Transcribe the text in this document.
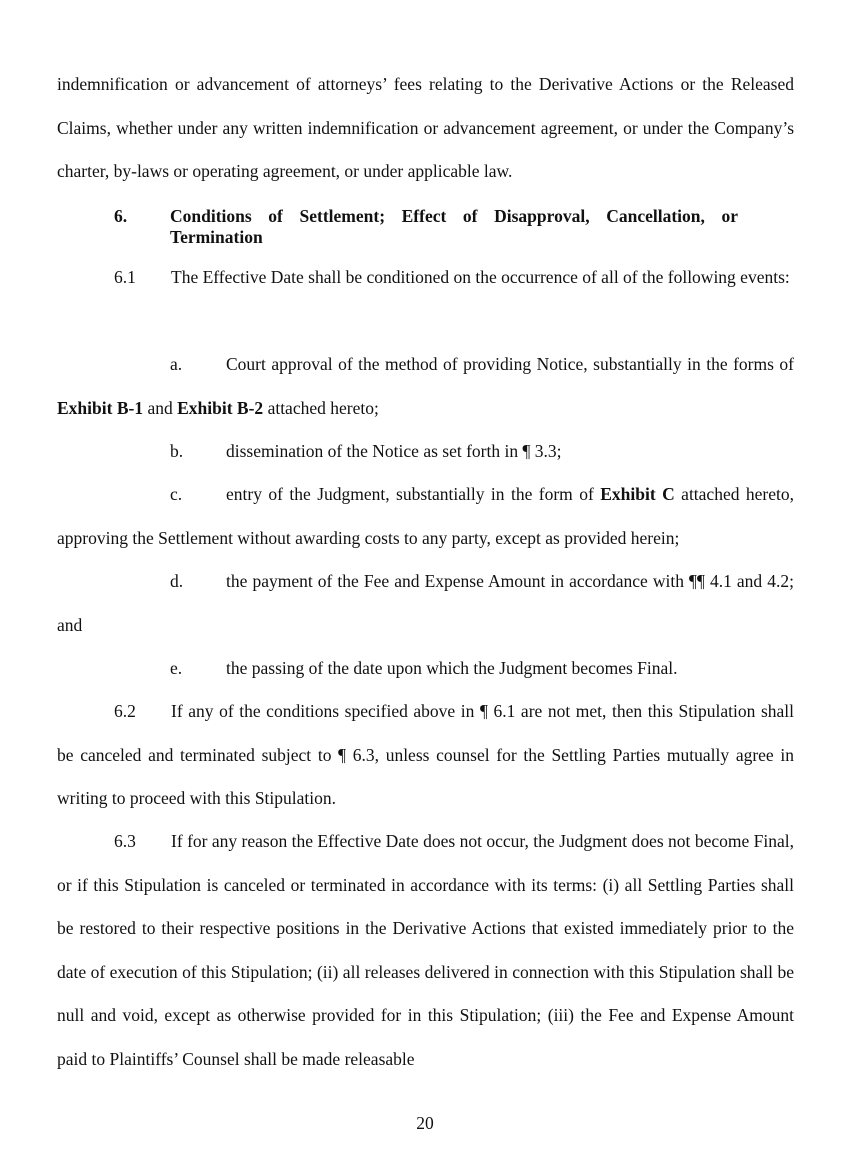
indemnification or advancement of attorneys’ fees relating to the Derivative Actions or the Released Claims, whether under any written indemnification or advancement agreement, or under the Company’s charter, by-laws or operating agreement, or under applicable law.

6. Conditions of Settlement; Effect of Disapproval, Cancellation, or
Termination

6.1 The Effective Date shall be conditioned on the occurrence of all of the following events:

a.	Court approval of the method of providing Notice, substantially in the forms of Exhibit B-1 and Exhibit B-2 attached hereto;

b. dissemination of the Notice as set forth in ¶ 3.3;

c.	entry of the Judgment, substantially in the form of Exhibit C attached hereto, approving the Settlement without awarding costs to any party, except as provided herein;

d. the payment of the Fee and Expense Amount in accordance with ¶¶ 4.1 and 4.2; and

e.	the passing of the date upon which the Judgment becomes Final.

6.2 If any of the conditions specified above in ¶ 6.1 are not met, then this Stipulation shall be canceled and terminated subject to ¶ 6.3, unless counsel for the Settling Parties mutually agree in writing to proceed with this Stipulation.

6.3 If for any reason the Effective Date does not occur, the Judgment does not become Final, or if this Stipulation is canceled or terminated in accordance with its terms: (i) all Settling Parties shall be restored to their respective positions in the Derivative Actions that existed immediately prior to the date of execution of this Stipulation; (ii) all releases delivered in connection with this Stipulation shall be null and void, except as otherwise provided for in this Stipulation; (iii) the Fee and Expense Amount paid to Plaintiffs’ Counsel shall be made releasable

20
